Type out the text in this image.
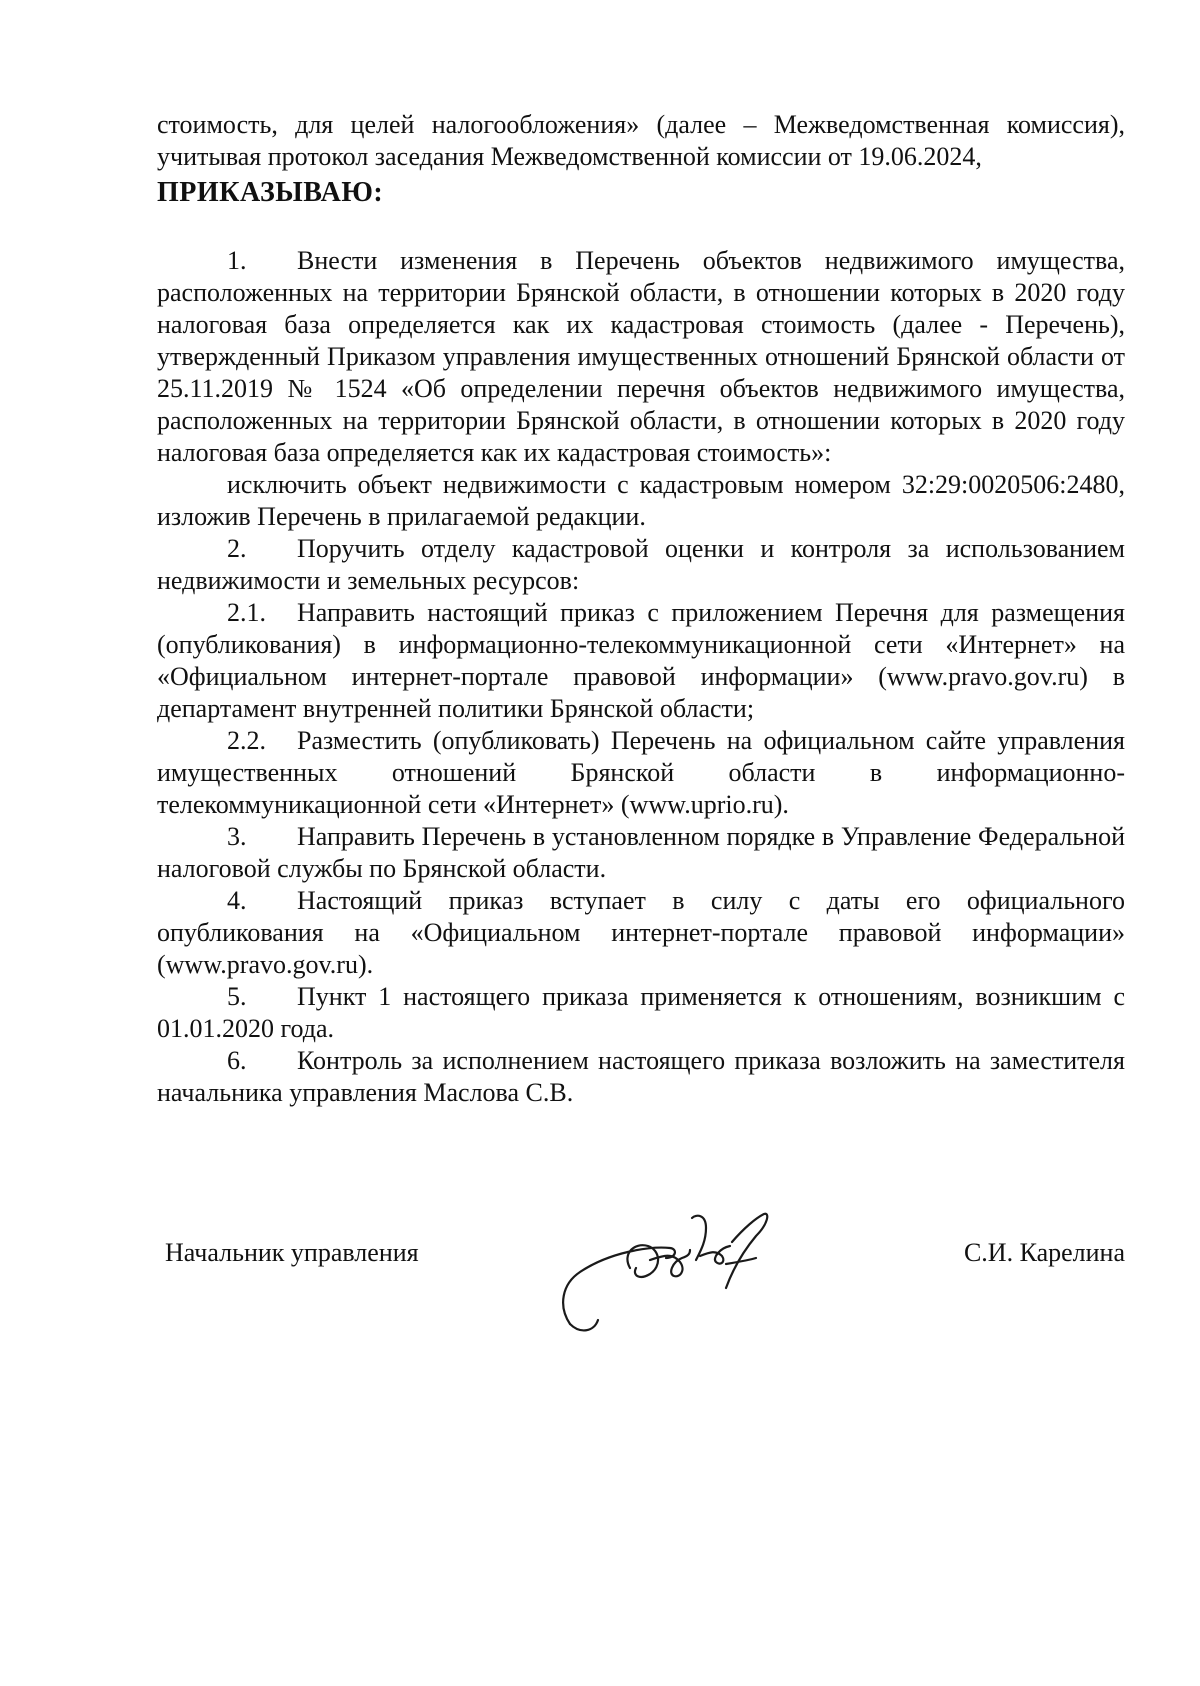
стоимость, для целей налогообложения» (далее – Межведомственная комиссия), учитывая протокол заседания Межведомственной комиссии от 19.06.2024,

ПРИКАЗЫВАЮ:

1. Внести изменения в Перечень объектов недвижимого имущества, расположенных на территории Брянской области, в отношении которых в 2020 году налоговая база определяется как их кадастровая стоимость (далее - Перечень), утвержденный Приказом управления имущественных отношений Брянской области от 25.11.2019 № 1524 «Об определении перечня объектов недвижимого имущества, расположенных на территории Брянской области, в отношении которых в 2020 году налоговая база определяется как их кадастровая стоимость»:

исключить объект недвижимости с кадастровым номером 32:29:0020506:2480, изложив Перечень в прилагаемой редакции.

2. Поручить отделу кадастровой оценки и контроля за использованием недвижимости и земельных ресурсов:

2.1. Направить настоящий приказ с приложением Перечня для размещения (опубликования) в информационно-телекоммуникационной сети «Интернет» на «Официальном интернет-портале правовой информации» (www.pravo.gov.ru) в департамент внутренней политики Брянской области;

2.2. Разместить (опубликовать) Перечень на официальном сайте управления имущественных отношений Брянской области в информационно-телекоммуникационной сети «Интернет» (www.uprio.ru).

3. Направить Перечень в установленном порядке в Управление Федеральной налоговой службы по Брянской области.

4. Настоящий приказ вступает в силу с даты его официального опубликования на «Официальном интернет-портале правовой информации» (www.pravo.gov.ru).

5. Пункт 1 настоящего приказа применяется к отношениям, возникшим с 01.01.2020 года.

6. Контроль за исполнением настоящего приказа возложить на заместителя начальника управления Маслова С.В.

Начальник управления	С.И. Карелина
